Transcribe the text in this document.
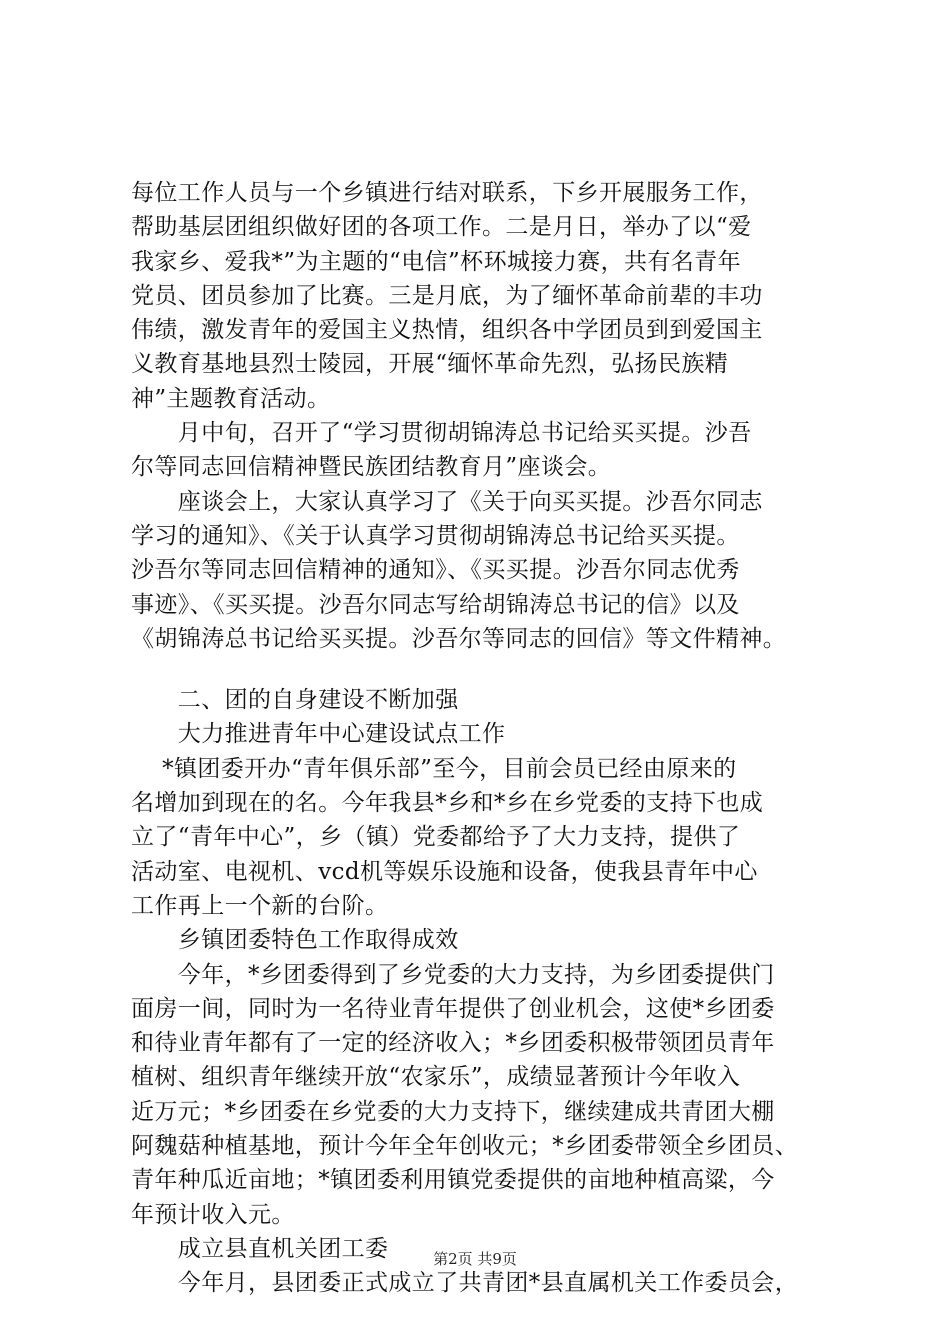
每位工作人员与一个乡镇进行结对联系，下乡开展服务工作，
帮助基层团组织做好团的各项工作。二是月日，举办了以“爱
我家乡、爱我*”为主题的“电信”杯环城接力赛，共有名青年
党员、团员参加了比赛。三是月底，为了缅怀革命前辈的丰功
伟绩，激发青年的爱国主义热情，组织各中学团员到到爱国主
义教育基地县烈士陵园，开展“缅怀革命先烈，弘扬民族精
神”主题教育活动。
　　月中旬，召开了“学习贯彻胡锦涛总书记给买买提。沙吾
尔等同志回信精神暨民族团结教育月”座谈会。
　　座谈会上，大家认真学习了《关于向买买提。沙吾尔同志
学习的通知》、《关于认真学习贯彻胡锦涛总书记给买买提。
沙吾尔等同志回信精神的通知》、《买买提。沙吾尔同志优秀
事迹》、《买买提。沙吾尔同志写给胡锦涛总书记的信》以及
《胡锦涛总书记给买买提。沙吾尔等同志的回信》等文件精神。
　　二、团的自身建设不断加强
　　大力推进青年中心建设试点工作
　 *镇团委开办“青年俱乐部”至今，目前会员已经由原来的
名增加到现在的名。今年我县*乡和*乡在乡党委的支持下也成
立了“青年中心”，乡（镇）党委都给予了大力支持，提供了
活动室、电视机、vcd机等娱乐设施和设备，使我县青年中心
工作再上一个新的台阶。
　　乡镇团委特色工作取得成效
　　今年，*乡团委得到了乡党委的大力支持，为乡团委提供门
面房一间，同时为一名待业青年提供了创业机会，这使*乡团委
和待业青年都有了一定的经济收入；*乡团委积极带领团员青年
植树、组织青年继续开放“农家乐”，成绩显著预计今年收入
近万元；*乡团委在乡党委的大力支持下，继续建成共青团大棚
阿魏菇种植基地，预计今年全年创收元；*乡团委带领全乡团员、
青年种瓜近亩地；*镇团委利用镇党委提供的亩地种植高粱，今
年预计收入元。
　　成立县直机关团工委
　　今年月，县团委正式成立了共青团*县直属机关工作委员会，
第2页 共9页
